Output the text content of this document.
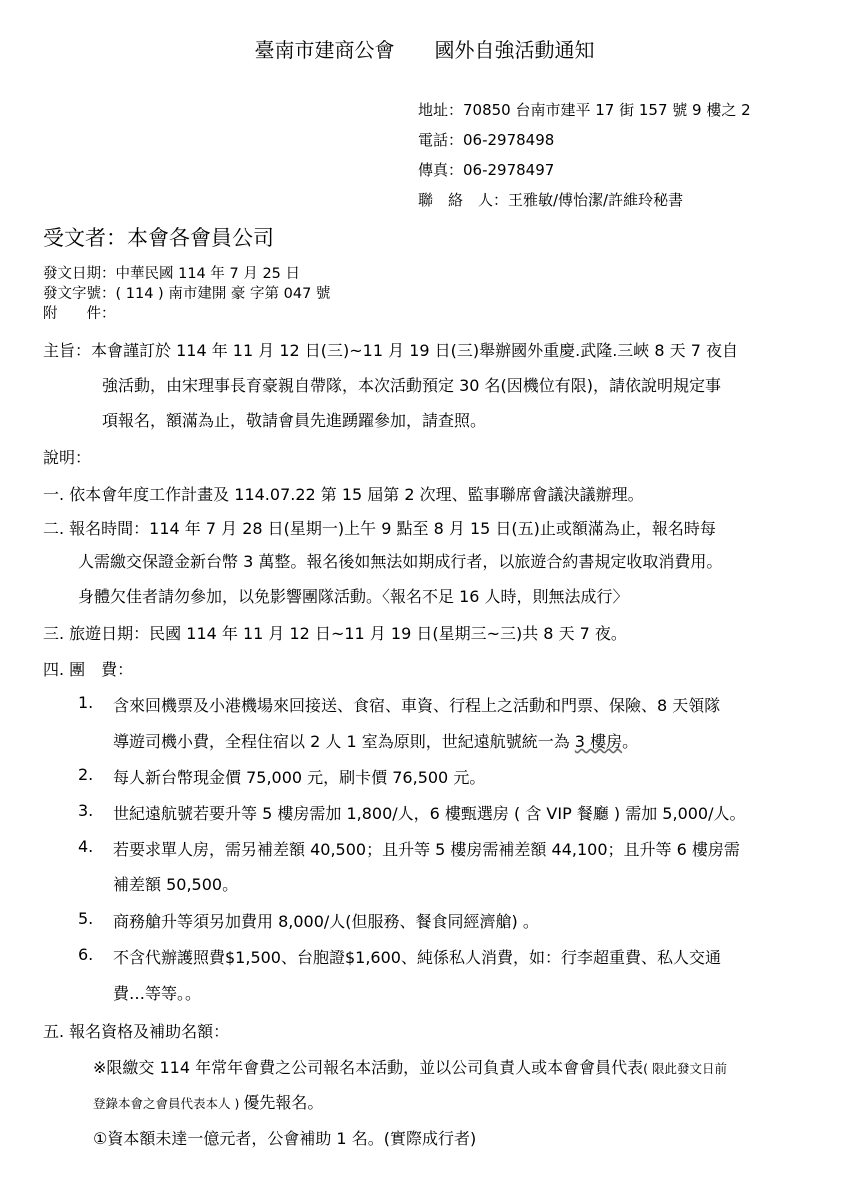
臺南市建商公會 國外自強活動通知
地址：70850 台南市建平 17 街 157 號 9 樓之 2
電話：06-2978498
傳真：06-2978497
聯　絡　人：王雅敏/傅怡潔/許維玲秘書
受文者：本會各會員公司
發文日期：中華民國 114 年 7 月 25 日
發文字號：( 114 ) 南市建開 豪 字第 047 號
附　　件：
主旨：本會謹訂於 114 年 11 月 12 日(三)~11 月 19 日(三)舉辦國外重慶.武隆.三峽 8 天 7 夜自
強活動，由宋理事長育豪親自帶隊，本次活動預定 30 名(因機位有限)，請依說明規定事
項報名，額滿為止，敬請會員先進踴躍參加，請查照。
說明：
一. 依本會年度工作計畫及 114.07.22 第 15 屆第 2 次理、監事聯席會議決議辦理。
二. 報名時間：114 年 7 月 28 日(星期一)上午 9 點至 8 月 15 日(五)止或額滿為止，報名時每
人需繳交保證金新台幣 3 萬整。報名後如無法如期成行者，以旅遊合約書規定收取消費用。
身體欠佳者請勿參加，以免影響團隊活動。〈報名不足 16 人時，則無法成行〉
三. 旅遊日期：民國 114 年 11 月 12 日~11 月 19 日(星期三~三)共 8 天 7 夜。
四. 團　費：
1. 含來回機票及小港機場來回接送、食宿、車資、行程上之活動和門票、保險、8 天領隊
導遊司機小費，全程住宿以 2 人 1 室為原則，世紀遠航號統一為 3 樓房。
2. 每人新台幣現金價 75,000 元，刷卡價 76,500 元。
3. 世紀遠航號若要升等 5 樓房需加 1,800/人，6 樓甄選房 ( 含 VIP 餐廳 ) 需加 5,000/人。
4. 若要求單人房，需另補差額 40,500；且升等 5 樓房需補差額 44,100；且升等 6 樓房需
補差額 50,500。
5. 商務艙升等須另加費用 8,000/人(但服務、餐食同經濟艙) 。
6. 不含代辦護照費$1,500、台胞證$1,600、純係私人消費，如：行李超重費、私人交通
費…等等。。
五. 報名資格及補助名額：
※限繳交 114 年常年會費之公司報名本活動，並以公司負責人或本會會員代表( 限此發文日前
登錄本會之會員代表本人 ) 優先報名。
①資本額未達一億元者，公會補助 1 名。(實際成行者)
